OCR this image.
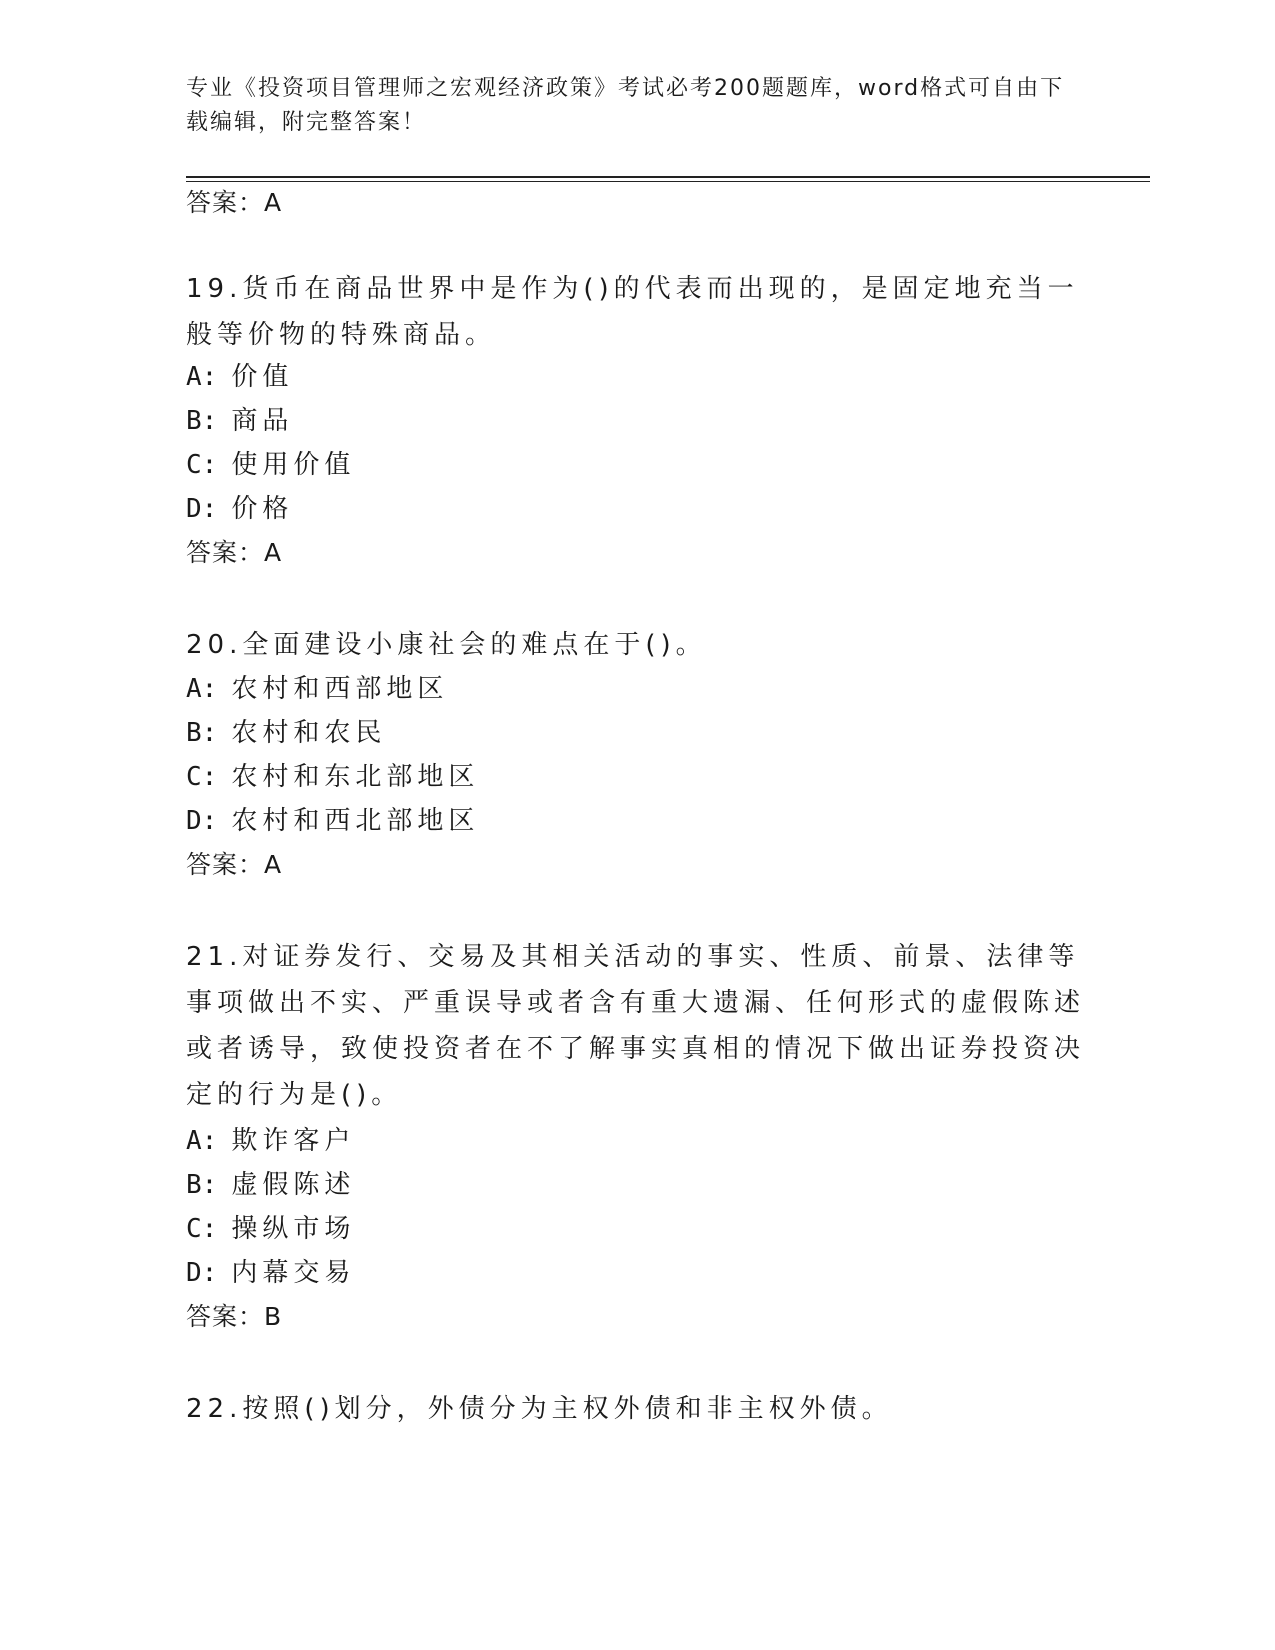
专业《投资项目管理师之宏观经济政策》考试必考200题题库，word格式可自由下载编辑，附完整答案！
答案：A
19.货币在商品世界中是作为()的代表而出现的，是固定地充当一般等价物的特殊商品。
A: 价值
B: 商品
C: 使用价值
D: 价格
答案：A
20.全面建设小康社会的难点在于()。
A: 农村和西部地区
B: 农村和农民
C: 农村和东北部地区
D: 农村和西北部地区
答案：A
21.对证券发行、交易及其相关活动的事实、性质、前景、法律等事项做出不实、严重误导或者含有重大遗漏、任何形式的虚假陈述或者诱导，致使投资者在不了解事实真相的情况下做出证券投资决定的行为是()。
A: 欺诈客户
B: 虚假陈述
C: 操纵市场
D: 内幕交易
答案：B
22.按照()划分，外债分为主权外债和非主权外债。
